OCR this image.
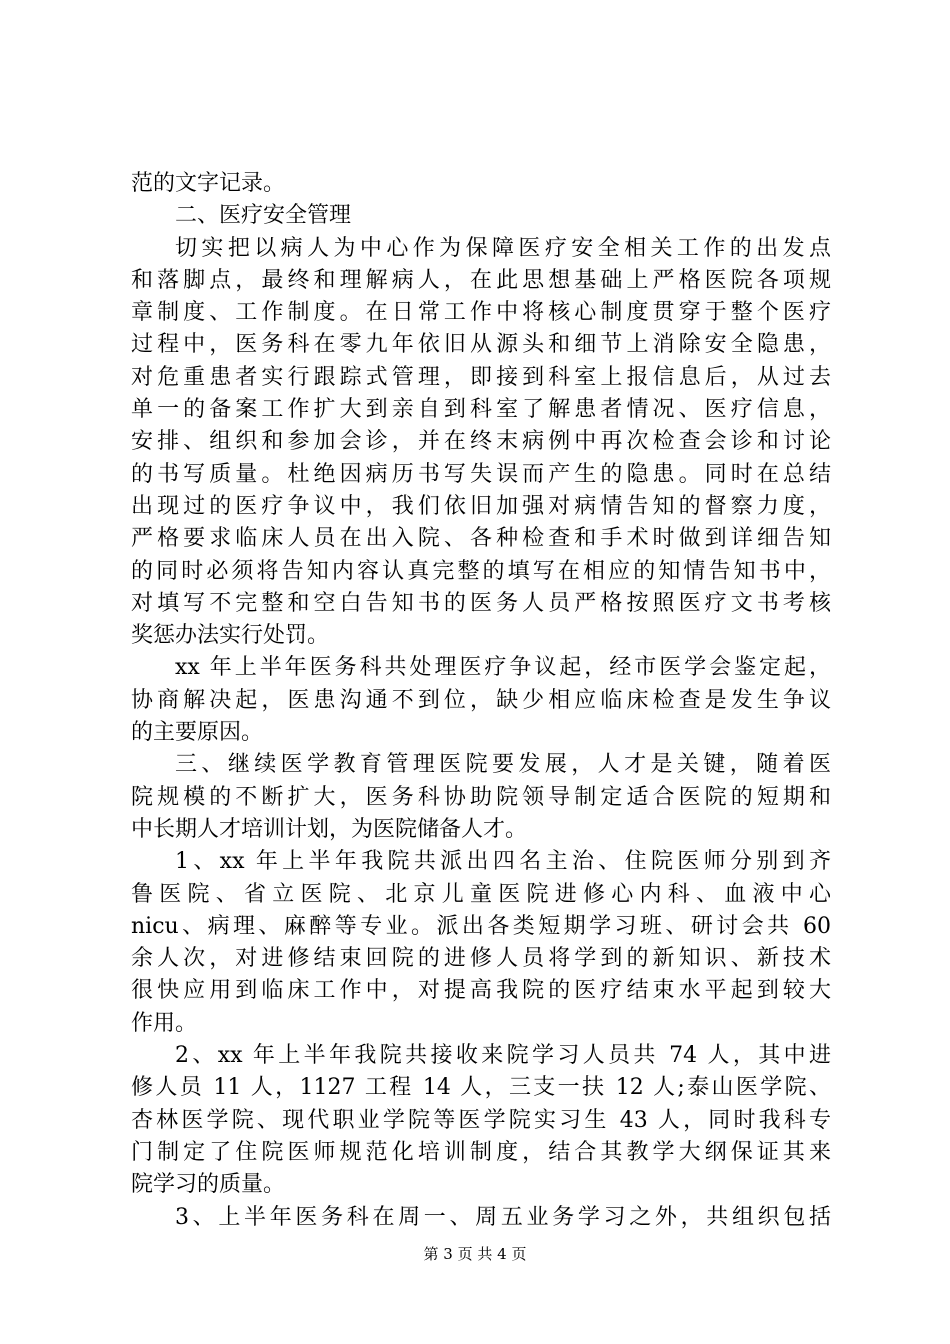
范的文字记录。
二、医疗安全管理
切实把以病人为中心作为保障医疗安全相关工作的出发点
和落脚点，最终和理解病人，在此思想基础上严格医院各项规
章制度、工作制度。在日常工作中将核心制度贯穿于整个医疗
过程中，医务科在零九年依旧从源头和细节上消除安全隐患，
对危重患者实行跟踪式管理，即接到科室上报信息后，从过去
单一的备案工作扩大到亲自到科室了解患者情况、医疗信息，
安排、组织和参加会诊，并在终末病例中再次检查会诊和讨论
的书写质量。杜绝因病历书写失误而产生的隐患。同时在总结
出现过的医疗争议中，我们依旧加强对病情告知的督察力度，
严格要求临床人员在出入院、各种检查和手术时做到详细告知
的同时必须将告知内容认真完整的填写在相应的知情告知书中，
对填写不完整和空白告知书的医务人员严格按照医疗文书考核
奖惩办法实行处罚。
xx 年上半年医务科共处理医疗争议起，经市医学会鉴定起，
协商解决起，医患沟通不到位，缺少相应临床检查是发生争议
的主要原因。
三、继续医学教育管理医院要发展，人才是关键，随着医
院规模的不断扩大，医务科协助院领导制定适合医院的短期和
中长期人才培训计划，为医院储备人才。
1、xx 年上半年我院共派出四名主治、住院医师分别到齐
鲁医院、省立医院、北京儿童医院进修心内科、血液中心
nicu、病理、麻醉等专业。派出各类短期学习班、研讨会共 60
余人次，对进修结束回院的进修人员将学到的新知识、新技术
很快应用到临床工作中，对提高我院的医疗结束水平起到较大
作用。
2、xx 年上半年我院共接收来院学习人员共 74 人，其中进
修人员 11 人，1127 工程 14 人，三支一扶 12 人;泰山医学院、
杏林医学院、现代职业学院等医学院实习生 43 人，同时我科专
门制定了住院医师规范化培训制度，结合其教学大纲保证其来
院学习的质量。
3、上半年医务科在周一、周五业务学习之外，共组织包括
第 3 页 共 4 页
